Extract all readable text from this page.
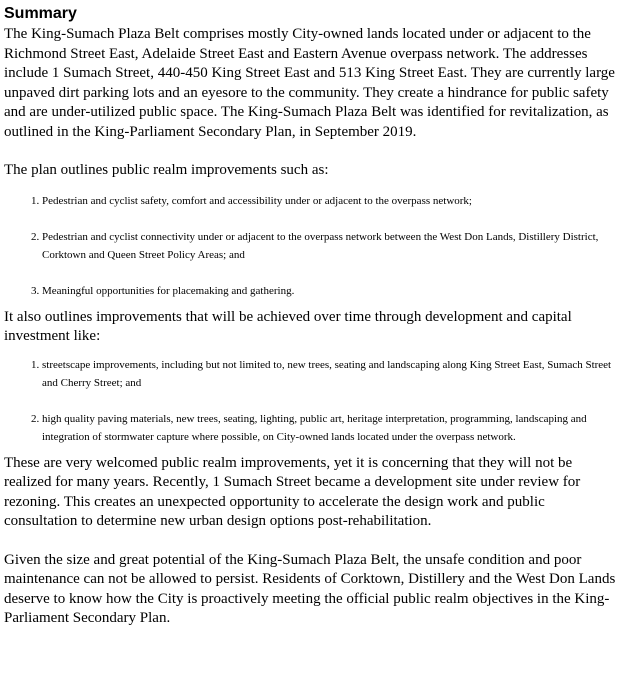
Summary

The King-Sumach Plaza Belt comprises mostly City-owned lands located under or adjacent to the Richmond Street East, Adelaide Street East and Eastern Avenue overpass network. The addresses include 1 Sumach Street, 440-450 King Street East and 513 King Street East. They are currently large unpaved dirt parking lots and an eyesore to the community. They create a hindrance for public safety and are under-utilized public space. The King-Sumach Plaza Belt was identified for revitalization, as outlined in the King-Parliament Secondary Plan, in September 2019.

The plan outlines public realm improvements such as:

1. Pedestrian and cyclist safety, comfort and accessibility under or adjacent to the overpass network;
2. Pedestrian and cyclist connectivity under or adjacent to the overpass network between the West Don Lands, Distillery District, Corktown and Queen Street Policy Areas; and
3. Meaningful opportunities for placemaking and gathering.

It also outlines improvements that will be achieved over time through development and capital investment like:

1. streetscape improvements, including but not limited to, new trees, seating and landscaping along King Street East, Sumach Street and Cherry Street; and
2. high quality paving materials, new trees, seating, lighting, public art, heritage interpretation, programming, landscaping and integration of stormwater capture where possible, on City-owned lands located under the overpass network.

These are very welcomed public realm improvements, yet it is concerning that they will not be realized for many years. Recently, 1 Sumach Street became a development site under review for rezoning. This creates an unexpected opportunity to accelerate the design work and public consultation to determine new urban design options post-rehabilitation.

Given the size and great potential of the King-Sumach Plaza Belt, the unsafe condition and poor maintenance can not be allowed to persist. Residents of Corktown, Distillery and the West Don Lands deserve to know how the City is proactively meeting the official public realm objectives in the King-Parliament Secondary Plan.
